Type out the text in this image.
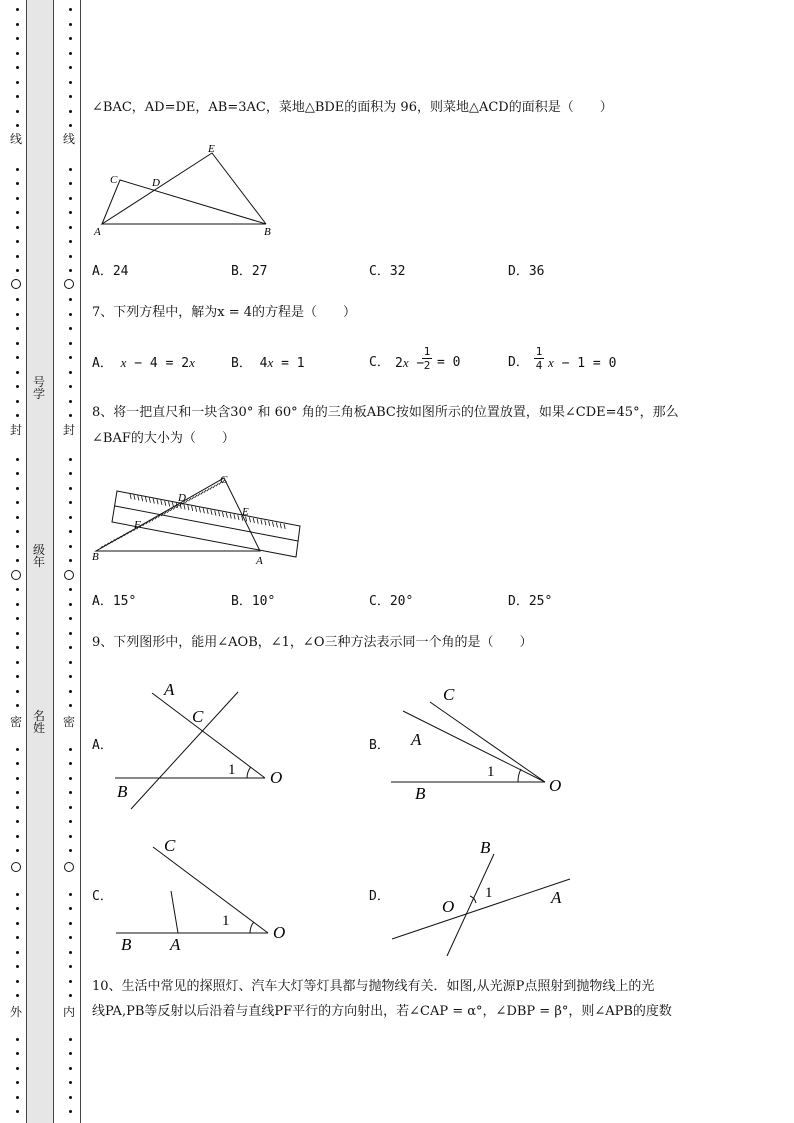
线
封
密
外
线
封
密
内
号
学
级
年
名
姓
∠BAC，AD=DE，AB=3AC，菜地△BDE的面积为 96，则菜地△ACD的面积是（　　）
A	B
C	D
E
A．24	B．27	C．32	D．36
7、下列方程中，解为x = 4的方程是（　　）
A． x − 4 = 2x	B． 4x = 1	C． 2x −
1
2 = 0	D．
1
4 x − 1 = 0
8、将一把直尺和一块含30° 和 60° 角的三角板ABC按如图所示的位置放置，如果∠CDE=45°，那么
∠BAF的大小为（　　）
C
D
E
F
B	A
A．15°	B．10°	C．20°	D．25°
9、下列图形中，能用∠AOB，∠1，∠O三种方法表示同一个角的是（　　）
A．
A
C
1 O
B
B．
C
A
1
O
B
C．
C
1
O
B A
D．
B
O
1	A
10、生活中常见的探照灯、汽车大灯等灯具都与抛物线有关．如图,从光源P点照射到抛物线上的光
线PA,PB等反射以后沿着与直线PF平行的方向射出，若∠CAP = α°，∠DBP = β°，则∠APB的度数
